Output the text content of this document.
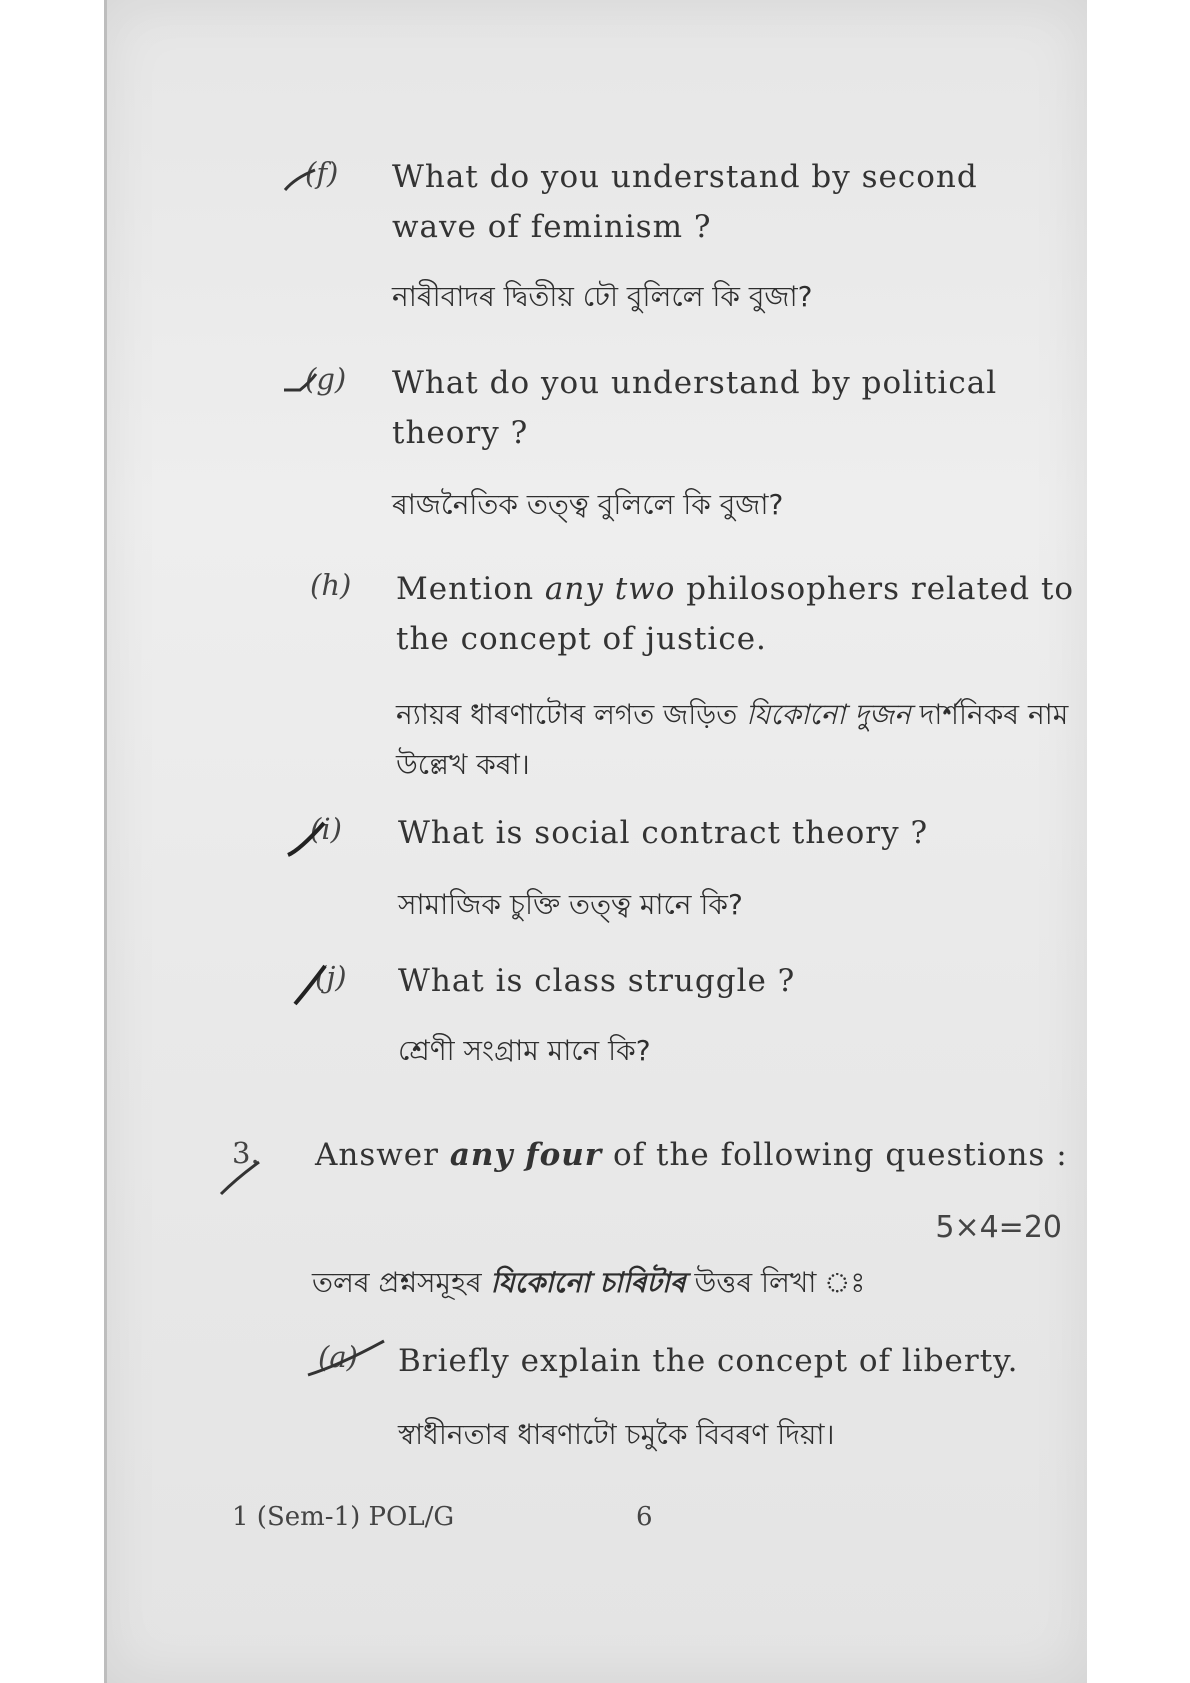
(f) What do you understand by second wave of feminism ?
নাৰীবাদৰ দ্বিতীয় ঢৌ বুলিলে কি বুজা?
(g) What do you understand by political theory ?
ৰাজনৈতিক তত্ত্ব বুলিলে কি বুজা?
(h) Mention any two philosophers related to the concept of justice.
ন্যায়ৰ ধাৰণাটোৰ লগত জড়িত যিকোনো দুজন দাৰ্শনিকৰ নাম উল্লেখ কৰা।
(i) What is social contract theory ?
সামাজিক চুক্তি তত্ত্ব মানে কি?
(j) What is class struggle ?
শ্ৰেণী সংগ্ৰাম মানে কি?
3. Answer any four of the following questions :
5×4=20
তলৰ প্ৰশ্নসমূহৰ যিকোনো চাৰিটাৰ উত্তৰ লিখা ঃ
(a) Briefly explain the concept of liberty.
স্বাধীনতাৰ ধাৰণাটো চমুকৈ বিবৰণ দিয়া।
1 (Sem-1) POL/G	6
